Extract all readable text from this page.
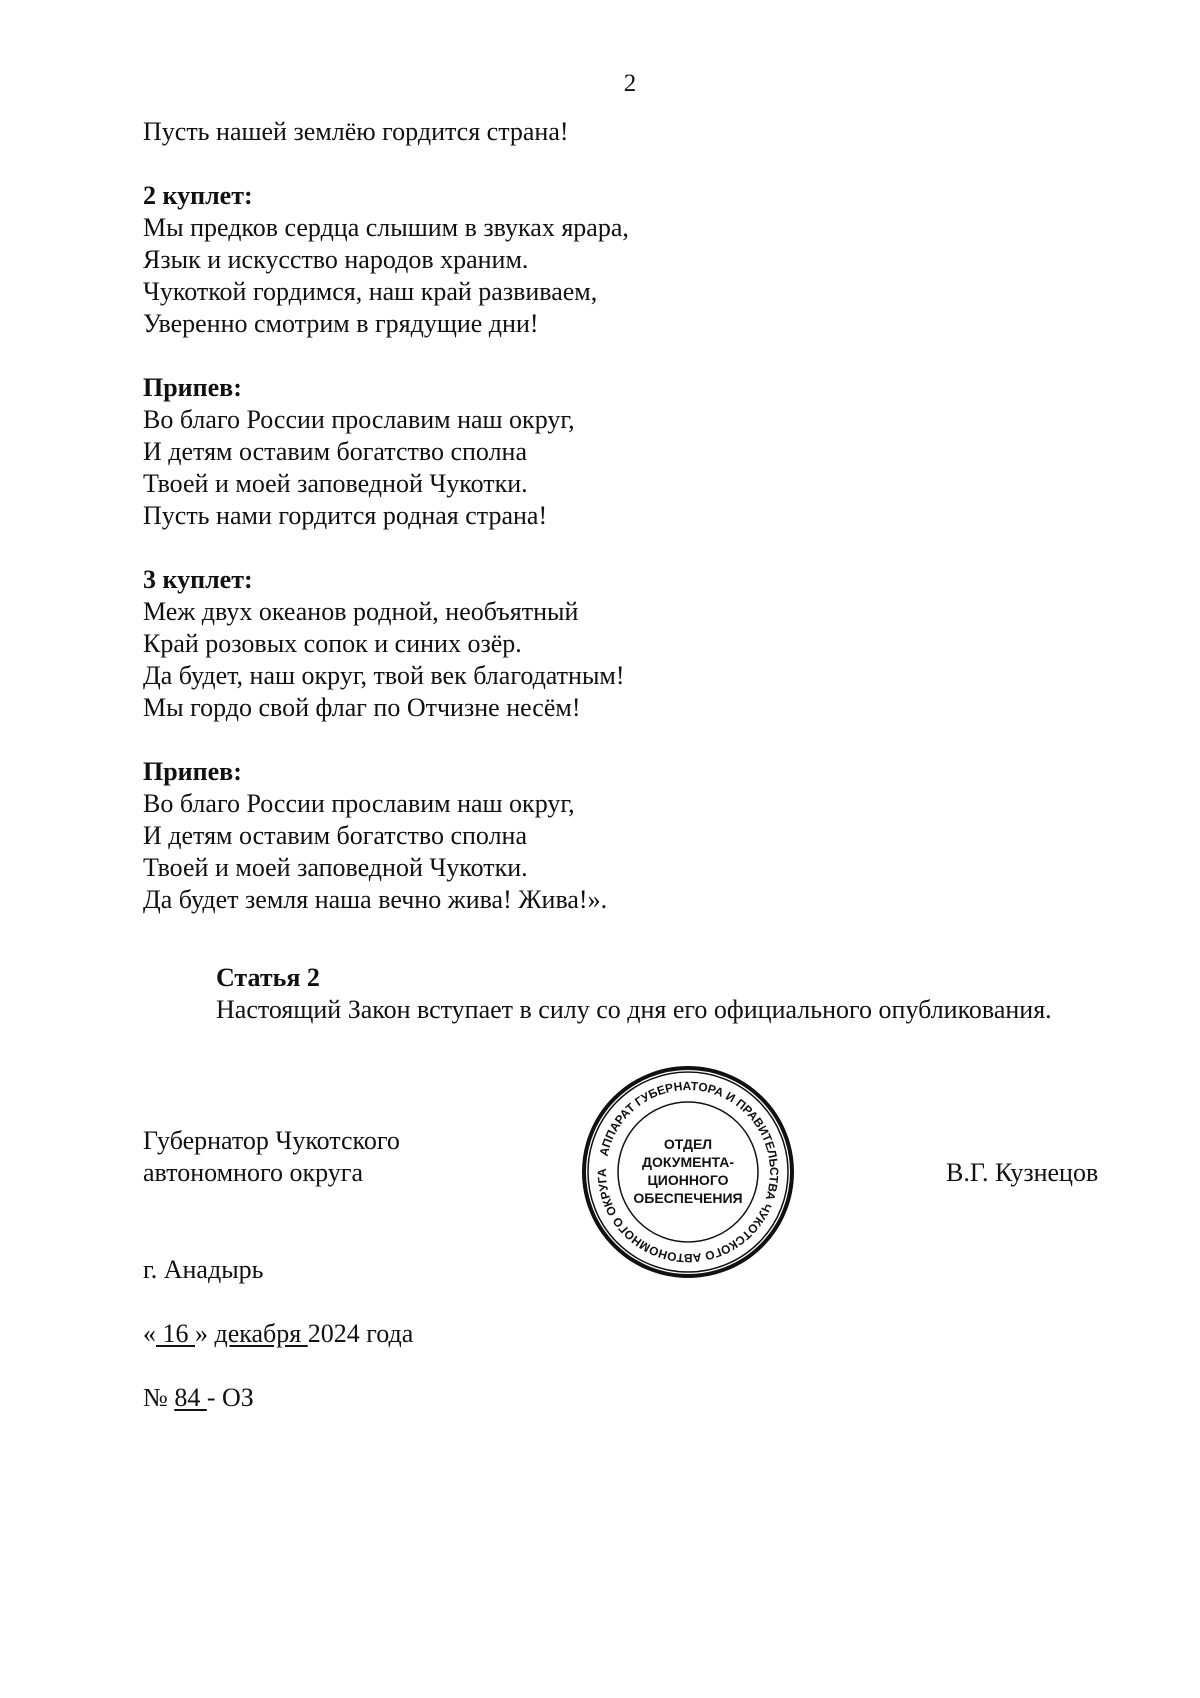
2
Пусть нашей землёю гордится страна!
2 куплет:
Мы предков сердца слышим в звуках ярара,
Язык и искусство народов храним.
Чукоткой гордимся, наш край развиваем,
Уверенно смотрим в грядущие дни!
Припев:
Во благо России прославим наш округ,
И детям оставим богатство сполна
Твоей и моей заповедной Чукотки.
Пусть нами гордится родная страна!
3 куплет:
Меж двух океанов родной, необъятный
Край розовых сопок и синих озёр.
Да будет, наш округ, твой век благодатным!
Мы гордо свой флаг по Отчизне несём!
Припев:
Во благо России прославим наш округ,
И детям оставим богатство сполна
Твоей и моей заповедной Чукотки.
Да будет земля наша вечно жива! Жива!».
Статья 2
Настоящий Закон вступает в силу со дня его официального опубликования.
Губернатор Чукотского
автономного округа
АППАРАТ ГУБЕРНАТОРА И ПРАВИТЕЛЬСТВА ЧУКОТСКОГО АВТОНОМНОГО ОКРУГА
ОТДЕЛ
ДОКУМЕНТА-
ЦИОННОГО
ОБЕСПЕЧЕНИЯ
В.Г. Кузнецов
г. Анадырь
« 16 » декабря 2024 года
№ 84 - ОЗ
